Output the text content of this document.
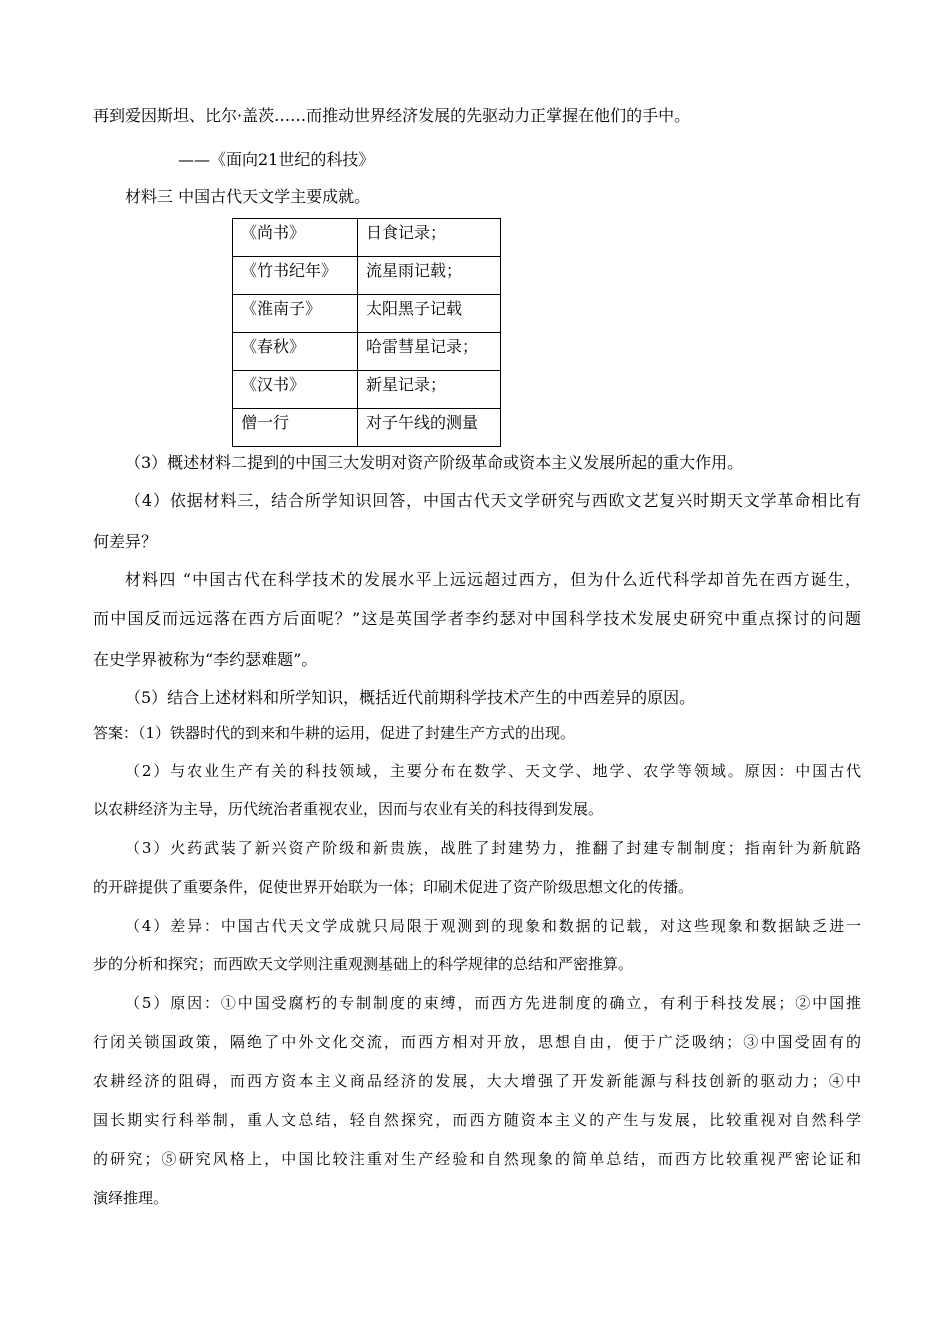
再到爱因斯坦、比尔·盖茨……而推动世界经济发展的先驱动力正掌握在他们的手中。
——《面向21世纪的科技》
材料三 中国古代天文学主要成就。
《尚书》	日食记录；
《竹书纪年》	流星雨记载；
《淮南子》	太阳黑子记载
《春秋》	哈雷彗星记录；
《汉书》	新星记录；
僧一行	对子午线的测量
（3）概述材料二提到的中国三大发明对资产阶级革命或资本主义发展所起的重大作用。
（4）依据材料三，结合所学知识回答，中国古代天文学研究与西欧文艺复兴时期天文学革命相比有
何差异？
材料四 “中国古代在科学技术的发展水平上远远超过西方，但为什么近代科学却首先在西方诞生，
而中国反而远远落在西方后面呢？”这是英国学者李约瑟对中国科学技术发展史研究中重点探讨的问题
在史学界被称为“李约瑟难题”。
（5）结合上述材料和所学知识，概括近代前期科学技术产生的中西差异的原因。
答案：（1）铁器时代的到来和牛耕的运用，促进了封建生产方式的出现。
（2）与农业生产有关的科技领域，主要分布在数学、天文学、地学、农学等领域。原因：中国古代
以农耕经济为主导，历代统治者重视农业，因而与农业有关的科技得到发展。
（3）火药武装了新兴资产阶级和新贵族，战胜了封建势力，推翻了封建专制制度；指南针为新航路
的开辟提供了重要条件，促使世界开始联为一体；印刷术促进了资产阶级思想文化的传播。
（4）差异：中国古代天文学成就只局限于观测到的现象和数据的记载，对这些现象和数据缺乏进一
步的分析和探究；而西欧天文学则注重观测基础上的科学规律的总结和严密推算。
（5）原因：①中国受腐朽的专制制度的束缚，而西方先进制度的确立，有利于科技发展；②中国推
行闭关锁国政策，隔绝了中外文化交流，而西方相对开放，思想自由，便于广泛吸纳；③中国受固有的
农耕经济的阻碍，而西方资本主义商品经济的发展，大大增强了开发新能源与科技创新的驱动力；④中
国长期实行科举制，重人文总结，轻自然探究，而西方随资本主义的产生与发展，比较重视对自然科学
的研究；⑤研究风格上，中国比较注重对生产经验和自然现象的简单总结，而西方比较重视严密论证和
演绎推理。
